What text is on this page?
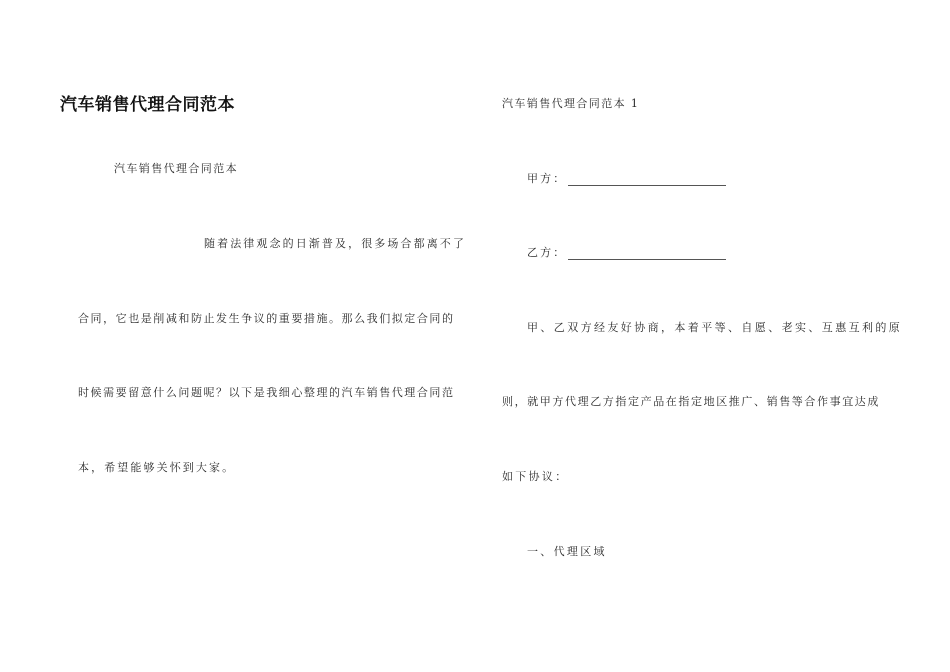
汽车销售代理合同范本
汽车销售代理合同范本
随着法律观念的日渐普及，很多场合都离不了
合同，它也是削减和防止发生争议的重要措施。那么我们拟定合同的
时候需要留意什么问题呢？以下是我细心整理的汽车销售代理合同范
本，希望能够关怀到大家。
汽车销售代理合同范本 1
甲方：
乙方：
甲、乙双方经友好协商，本着平等、自愿、老实、互惠互利的原
则，就甲方代理乙方指定产品在指定地区推广、销售等合作事宜达成
如下协议：
一、代理区域
